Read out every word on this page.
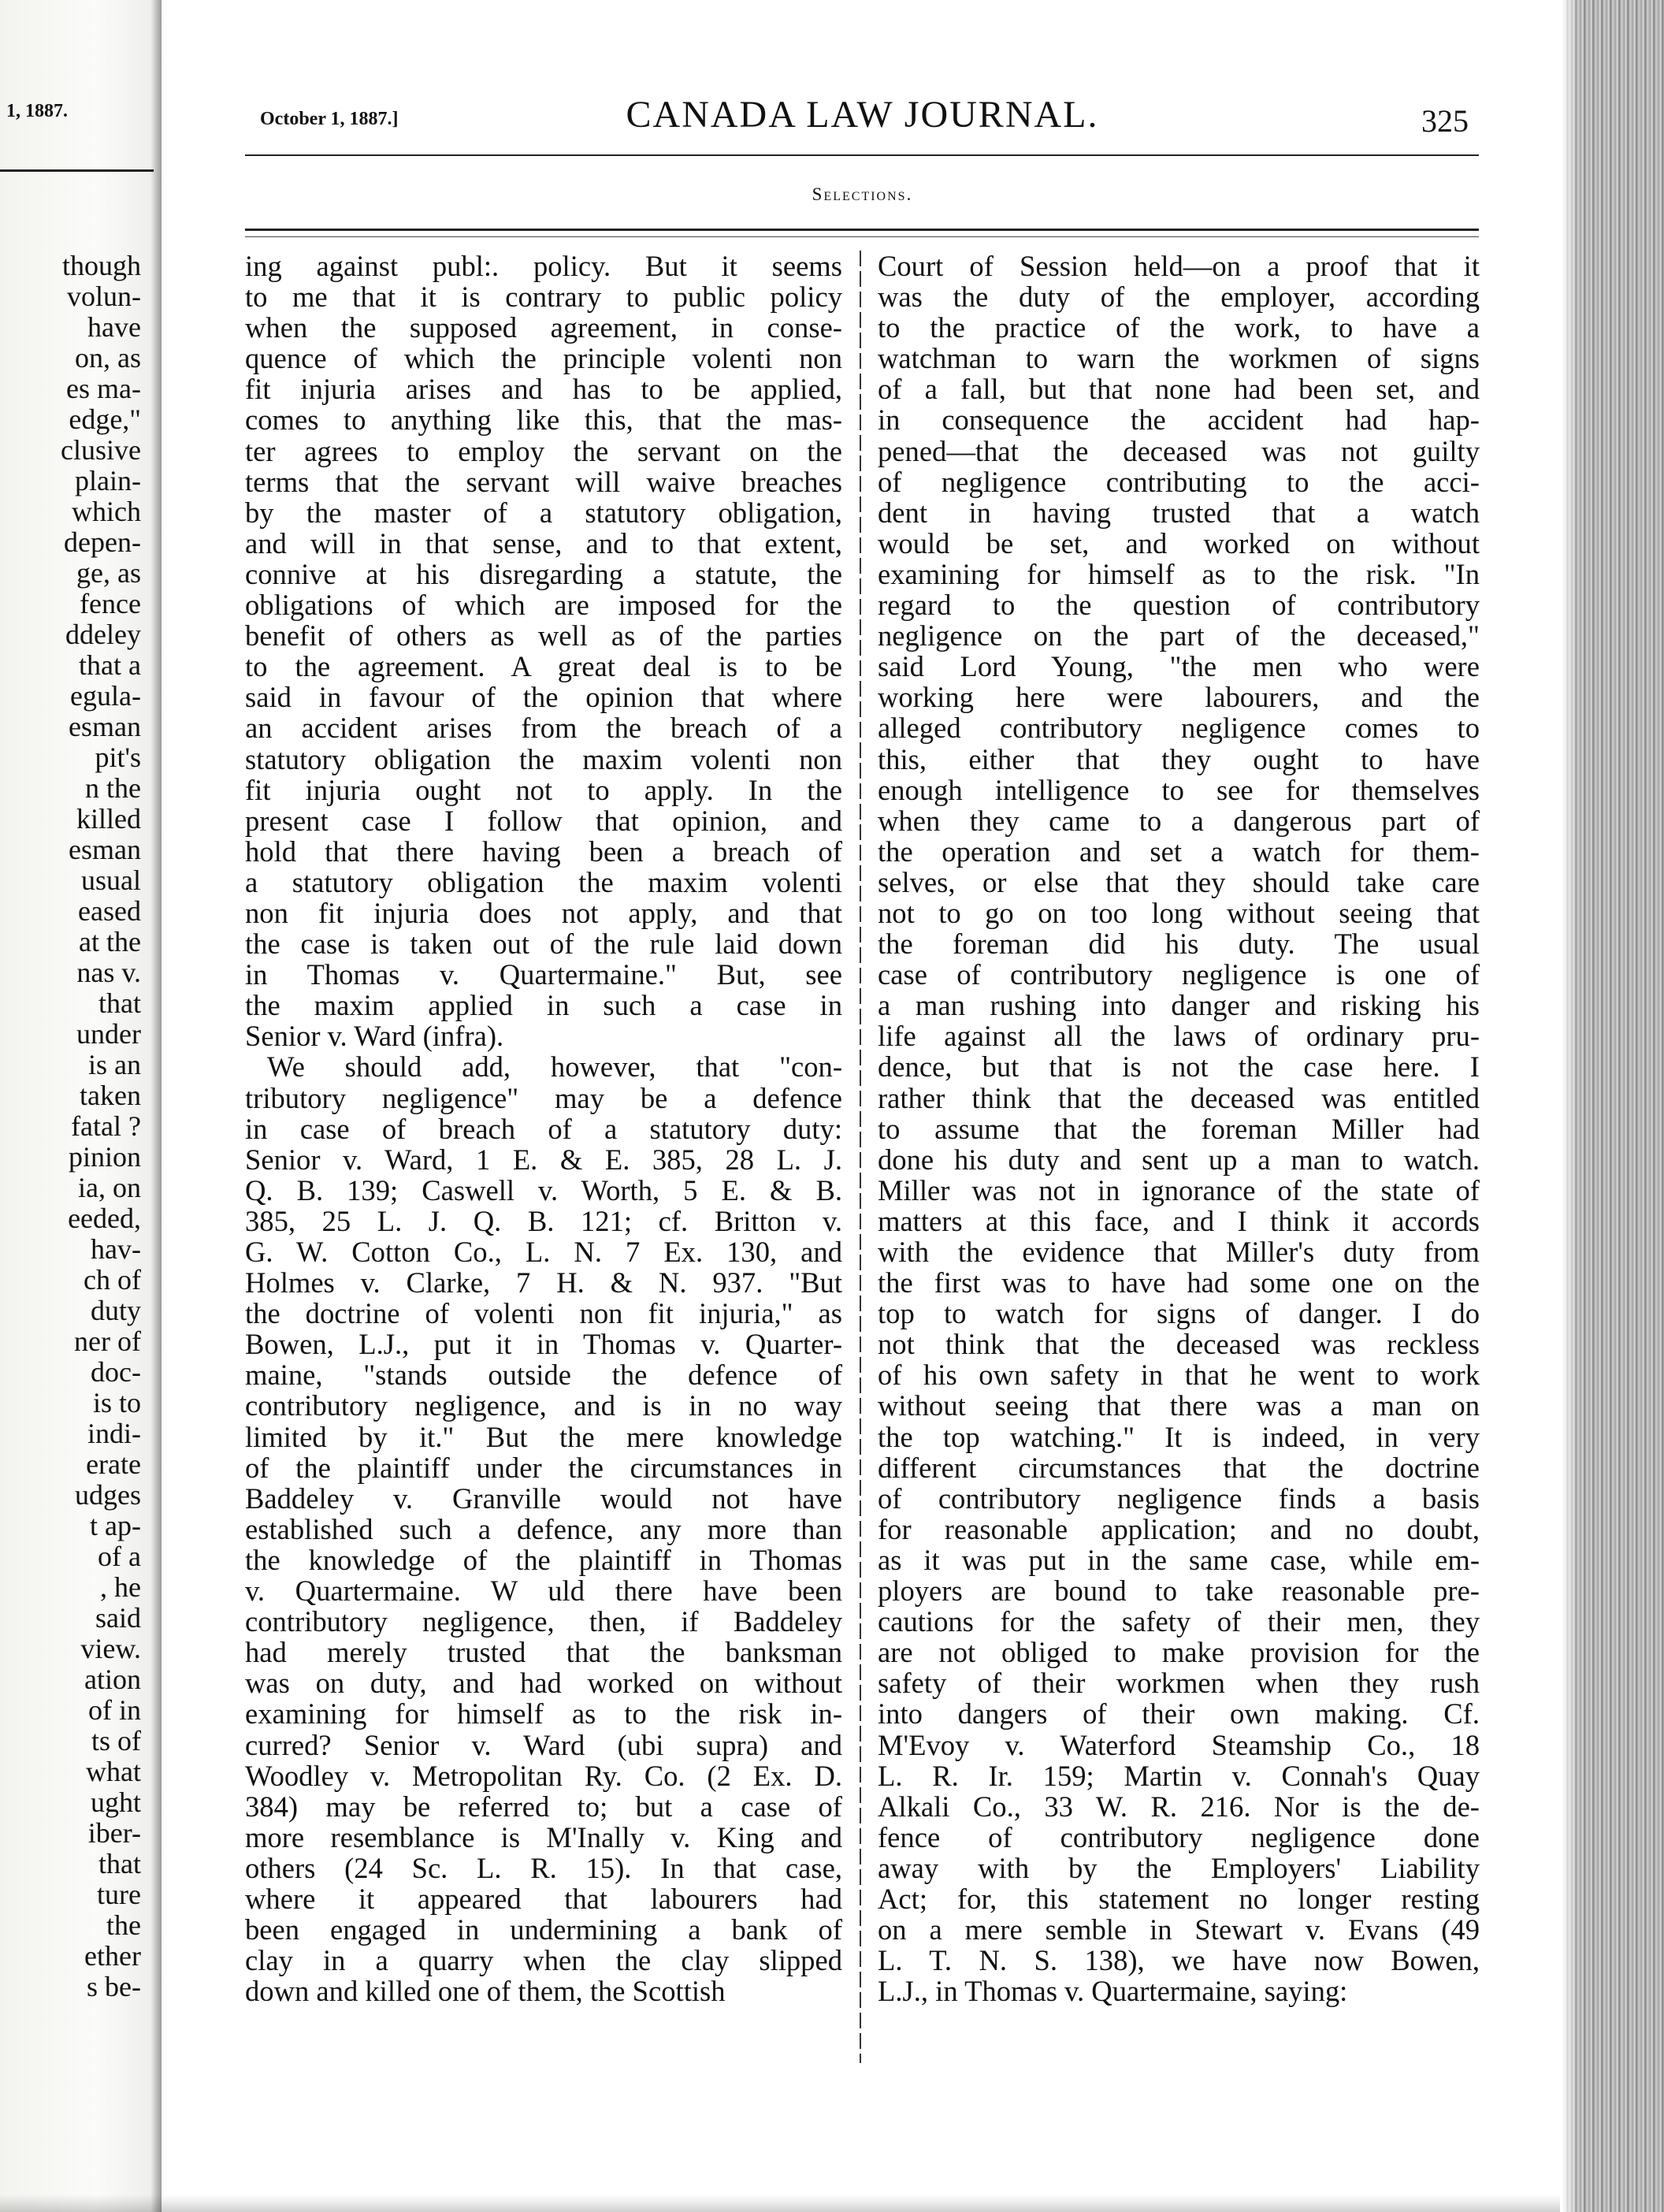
1, 1887.
though
volun-
have
on, as
es ma-
edge,"
clusive
plain-
which
depen-
ge, as
fence
ddeley
that a
egula-
esman
pit's
n the
killed
esman
usual
eased
at the
nas v.
that
under
is an
taken
fatal ?
pinion
ia, on
eeded,
hav-
ch of
duty
ner of
doc-
is to
indi-
erate
udges
t ap-
of a
, he
said
view.
ation
of in
ts of
what
ught
iber-
that
ture
the
ether
s be-
October 1, 1887.]	CANADA LAW JOURNAL.	325
Selections.
ing against publ:. policy. But it seems
to me that it is contrary to public policy
when the supposed agreement, in conse-
quence of which the principle volenti non
fit injuria arises and has to be applied,
comes to anything like this, that the mas-
ter agrees to employ the servant on the
terms that the servant will waive breaches
by the master of a statutory obligation,
and will in that sense, and to that extent,
connive at his disregarding a statute, the
obligations of which are imposed for the
benefit of others as well as of the parties
to the agreement. A great deal is to be
said in favour of the opinion that where
an accident arises from the breach of a
statutory obligation the maxim volenti non
fit injuria ought not to apply. In the
present case I follow that opinion, and
hold that there having been a breach of
a statutory obligation the maxim volenti
non fit injuria does not apply, and that
the case is taken out of the rule laid down
in Thomas v. Quartermaine." But, see
the maxim applied in such a case in
Senior v. Ward (infra).
We should add, however, that "con-
tributory negligence" may be a defence
in case of breach of a statutory duty:
Senior v. Ward, 1 E. & E. 385, 28 L. J.
Q. B. 139; Caswell v. Worth, 5 E. & B.
385, 25 L. J. Q. B. 121; cf. Britton v.
G. W. Cotton Co., L. N. 7 Ex. 130, and
Holmes v. Clarke, 7 H. & N. 937. "But
the doctrine of volenti non fit injuria," as
Bowen, L.J., put it in Thomas v. Quarter-
maine, "stands outside the defence of
contributory negligence, and is in no way
limited by it." But the mere knowledge
of the plaintiff under the circumstances in
Baddeley v. Granville would not have
established such a defence, any more than
the knowledge of the plaintiff in Thomas
v. Quartermaine. W uld there have been
contributory negligence, then, if Baddeley
had merely trusted that the banksman
was on duty, and had worked on without
examining for himself as to the risk in-
curred? Senior v. Ward (ubi supra) and
Woodley v. Metropolitan Ry. Co. (2 Ex. D.
384) may be referred to; but a case of
more resemblance is M'Inally v. King and
others (24 Sc. L. R. 15). In that case,
where it appeared that labourers had
been engaged in undermining a bank of
clay in a quarry when the clay slipped
down and killed one of them, the Scottish
Court of Session held—on a proof that it
was the duty of the employer, according
to the practice of the work, to have a
watchman to warn the workmen of signs
of a fall, but that none had been set, and
in consequence the accident had hap-
pened—that the deceased was not guilty
of negligence contributing to the acci-
dent in having trusted that a watch
would be set, and worked on without
examining for himself as to the risk. "In
regard to the question of contributory
negligence on the part of the deceased,"
said Lord Young, "the men who were
working here were labourers, and the
alleged contributory negligence comes to
this, either that they ought to have
enough intelligence to see for themselves
when they came to a dangerous part of
the operation and set a watch for them-
selves, or else that they should take care
not to go on too long without seeing that
the foreman did his duty. The usual
case of contributory negligence is one of
a man rushing into danger and risking his
life against all the laws of ordinary pru-
dence, but that is not the case here. I
rather think that the deceased was entitled
to assume that the foreman Miller had
done his duty and sent up a man to watch.
Miller was not in ignorance of the state of
matters at this face, and I think it accords
with the evidence that Miller's duty from
the first was to have had some one on the
top to watch for signs of danger. I do
not think that the deceased was reckless
of his own safety in that he went to work
without seeing that there was a man on
the top watching." It is indeed, in very
different circumstances that the doctrine
of contributory negligence finds a basis
for reasonable application; and no doubt,
as it was put in the same case, while em-
ployers are bound to take reasonable pre-
cautions for the safety of their men, they
are not obliged to make provision for the
safety of their workmen when they rush
into dangers of their own making. Cf.
M'Evoy v. Waterford Steamship Co., 18
L. R. Ir. 159; Martin v. Connah's Quay
Alkali Co., 33 W. R. 216. Nor is the de-
fence of contributory negligence done
away with by the Employers' Liability
Act; for, this statement no longer resting
on a mere semble in Stewart v. Evans (49
L. T. N. S. 138), we have now Bowen,
L.J., in Thomas v. Quartermaine, saying:
